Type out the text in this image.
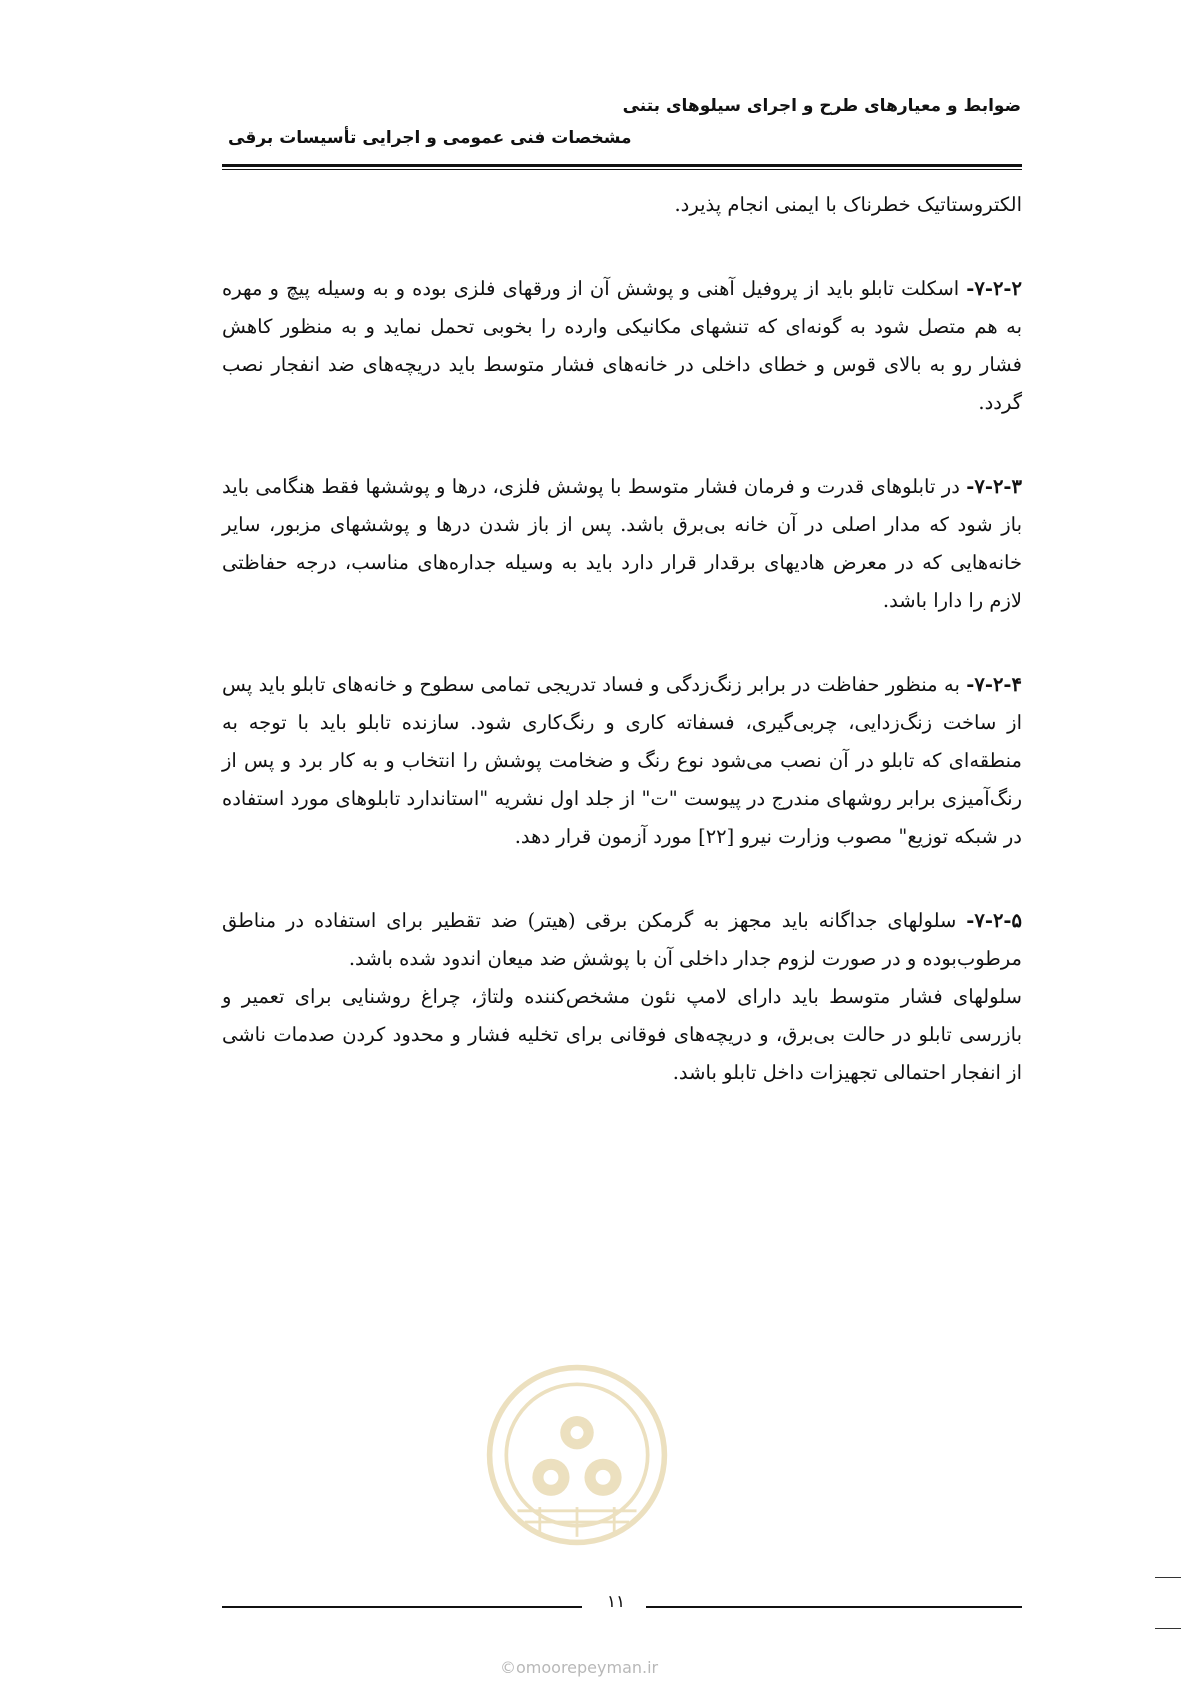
ضوابط و معیارهای طرح و اجرای سیلوهای بتنی
مشخصات فنی عمومی و اجرایی تأسیسات برقی

الکتروستاتیک خطرناک با ایمنی انجام پذیرد.

۷-۲-۲- اسکلت تابلو باید از پروفیل آهنی و پوشش آن از ورقهای فلزی بوده و به وسیله پیچ و مهره به هم متصل شود به گونه‌ای که تنشهای مکانیکی وارده را بخوبی تحمل نماید و به منظور کاهش فشار رو به بالای قوس و خطای داخلی در خانه‌های فشار متوسط باید دریچه‌های ضد انفجار نصب گردد.

۷-۲-۳- در تابلوهای قدرت و فرمان فشار متوسط با پوشش فلزی، درها و پوششها فقط هنگامی باید باز شود که مدار اصلی در آن خانه بی‌برق باشد. پس از باز شدن درها و پوششهای مزبور، سایر خانه‌هایی که در معرض هادیهای برقدار قرار دارد باید به وسیله جداره‌های مناسب، درجه حفاظتی لازم را دارا باشد.

۷-۲-۴- به منظور حفاظت در برابر زنگ‌زدگی و فساد تدریجی تمامی سطوح و خانه‌های تابلو باید پس از ساخت زنگ‌زدایی، چربی‌گیری، فسفاته کاری و رنگ‌کاری شود. سازنده تابلو باید با توجه به منطقه‌ای که تابلو در آن نصب می‌شود نوع رنگ و ضخامت پوشش را انتخاب و به کار برد و پس از رنگ‌آمیزی برابر روشهای مندرج در پیوست "ت" از جلد اول نشریه "استاندارد تابلوهای مورد استفاده در شبکه توزیع" مصوب وزارت نیرو [۲۲] مورد آزمون قرار دهد.

۷-۲-۵- سلولهای جداگانه باید مجهز به گرمکن برقی (هیتر) ضد تقطیر برای استفاده در مناطق مرطوب‌بوده و در صورت لزوم جدار داخلی آن با پوشش ضد میعان اندود شده باشد.

سلولهای فشار متوسط باید دارای لامپ نئون مشخص‌کننده ولتاژ، چراغ روشنایی برای تعمیر و بازرسی تابلو در حالت بی‌برق، و دریچه‌های فوقانی برای تخلیه فشار و محدود کردن صدمات ناشی از انفجار احتمالی تجهیزات داخل تابلو باشد.

۱۱
©omoorepeyman.ir
